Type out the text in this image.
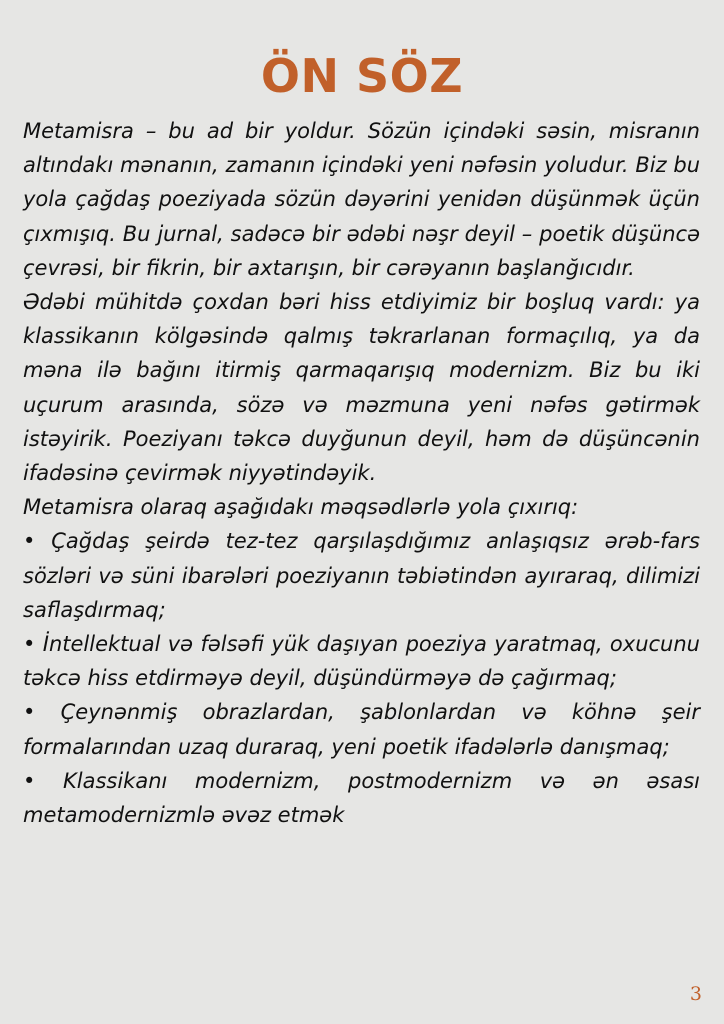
ÖN SÖZ

Metamisra – bu ad bir yoldur. Sözün içindəki səsin, misranın altındakı mənanın, zamanın içindəki yeni nəfəsin yoludur. Biz bu yola çağdaş poeziyada sözün dəyərini yenidən düşünmək üçün çıxmışıq. Bu jurnal, sadəcə bir ədəbi nəşr deyil – poetik düşüncə çevrəsi, bir fikrin, bir axtarışın, bir cərəyanın başlanğıcıdır.

Ədəbi mühitdə çoxdan bəri hiss etdiyimiz bir boşluq vardı: ya klassikanın kölgəsində qalmış təkrarlanan formaçılıq, ya da məna ilə bağını itirmiş qarmaqarışıq modernizm. Biz bu iki uçurum arasında, sözə və məzmuna yeni nəfəs gətirmək istəyirik. Poeziyanı təkcə duyğunun deyil, həm də düşüncənin ifadəsinə çevirmək niyyətindəyik.

Metamisra olaraq aşağıdakı məqsədlərlə yola çıxırıq:

• Çağdaş şeirdə tez-tez qarşılaşdığımız anlaşıqsız ərəb-fars sözləri və süni ibarələri poeziyanın təbiətindən ayıraraq, dilimizi saflaşdırmaq;

• İntellektual və fəlsəfi yük daşıyan poeziya yaratmaq, oxucunu təkcə hiss etdirməyə deyil, düşündürməyə də çağırmaq;

• Çeynənmiş obrazlardan, şablonlardan və köhnə şeir formalarından uzaq duraraq, yeni poetik ifadələrlə danışmaq;

• Klassikanı modernizm, postmodernizm və ən əsası metamodernizmlə əvəz etmək

3
